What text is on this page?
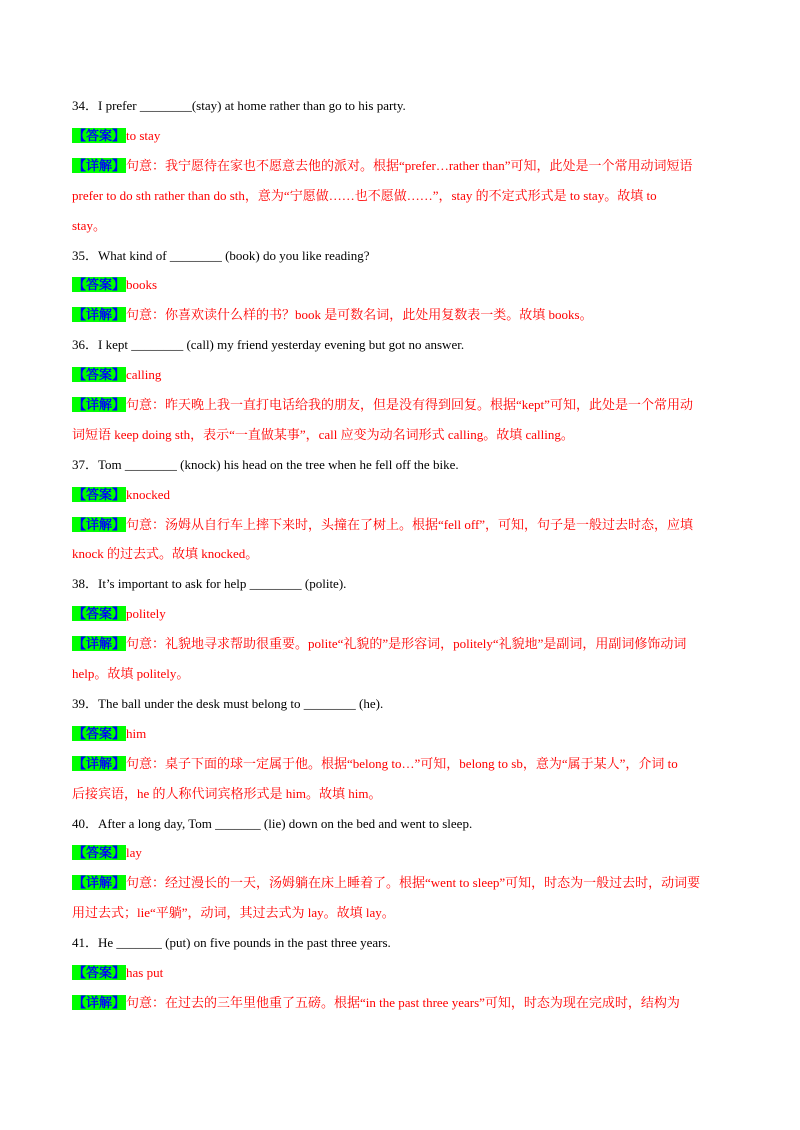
34．I prefer ________(stay) at home rather than go to his party.
【答案】to stay
【详解】句意：我宁愿待在家也不愿意去他的派对。根据“prefer…rather than”可知，此处是一个常用动词短语
prefer to do sth rather than do sth，意为“宁愿做……也不愿做……”，stay 的不定式形式是 to stay。故填 to
stay。
35．What kind of ________ (book) do you like reading?
【答案】books
【详解】句意：你喜欢读什么样的书？book 是可数名词，此处用复数表一类。故填 books。
36．I kept ________ (call) my friend yesterday evening but got no answer.
【答案】calling
【详解】句意：昨天晚上我一直打电话给我的朋友，但是没有得到回复。根据“kept”可知，此处是一个常用动
词短语 keep doing sth，表示“一直做某事”，call 应变为动名词形式 calling。故填 calling。
37．Tom ________ (knock) his head on the tree when he fell off the bike.
【答案】knocked
【详解】句意：汤姆从自行车上摔下来时，头撞在了树上。根据“fell off”，可知，句子是一般过去时态，应填
knock 的过去式。故填 knocked。
38．It’s important to ask for help ________ (polite).
【答案】politely
【详解】句意：礼貌地寻求帮助很重要。polite“礼貌的”是形容词，politely“礼貌地”是副词，用副词修饰动词
help。故填 politely。
39．The ball under the desk must belong to ________ (he).
【答案】him
【详解】句意：桌子下面的球一定属于他。根据“belong to…”可知，belong to sb，意为“属于某人”，介词 to
后接宾语，he 的人称代词宾格形式是 him。故填 him。
40．After a long day, Tom _______ (lie) down on the bed and went to sleep.
【答案】lay
【详解】句意：经过漫长的一天，汤姆躺在床上睡着了。根据“went to sleep”可知，时态为一般过去时，动词要
用过去式；lie“平躺”，动词，其过去式为 lay。故填 lay。
41．He _______ (put) on five pounds in the past three years.
【答案】has put
【详解】句意：在过去的三年里他重了五磅。根据“in the past three years”可知，时态为现在完成时，结构为
